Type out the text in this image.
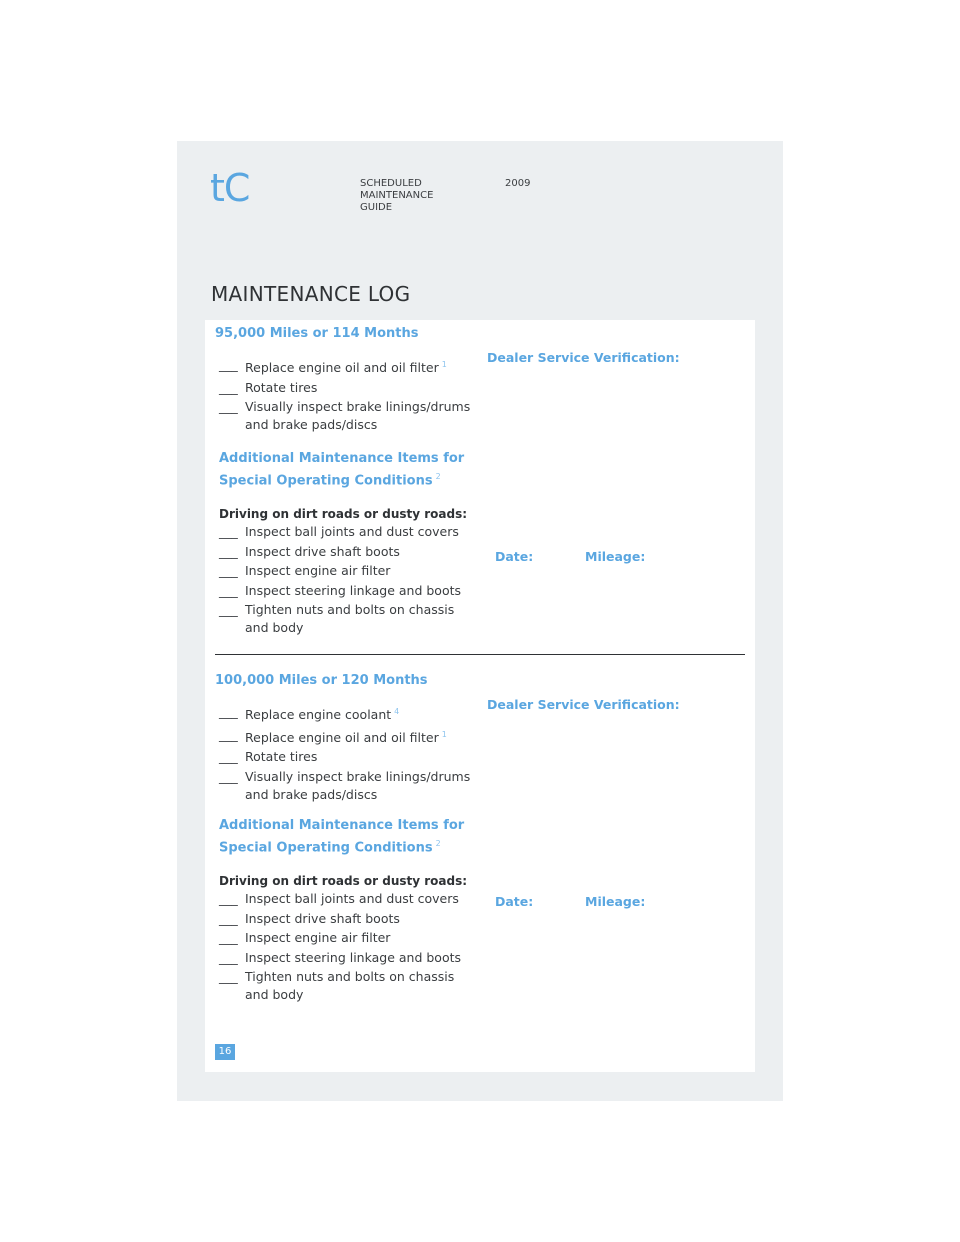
tC	SCHEDULED
MAINTENANCE
GUIDE
2009
MAINTENANCE LOG
95,000 Miles or 114 Months
___ Replace engine oil and oil filter $^1$
___ Rotate tires
___ Visually inspect brake linings/drums and brake pads/discs
Additional Maintenance Items for Special Operating Conditions $^2$
Driving on dirt roads or dusty roads:
___ Inspect ball joints and dust covers
___ Inspect drive shaft boots
___ Inspect engine air filter
___ Inspect steering linkage and boots
___ Tighten nuts and bolts on chassis and body
Dealer Service Verification:
Date:	Mileage:
100,000 Miles or 120 Months
___ Replace engine coolant $^4$
___ Replace engine oil and oil filter $^1$
___ Rotate tires
___ Visually inspect brake linings/drums and brake pads/discs
Additional Maintenance Items for Special Operating Conditions $^2$
Driving on dirt roads or dusty roads:
___ Inspect ball joints and dust covers
___ Inspect drive shaft boots
___ Inspect engine air filter
___ Inspect steering linkage and boots
___ Tighten nuts and bolts on chassis and body
Dealer Service Verification:
Date:	Mileage:
16
